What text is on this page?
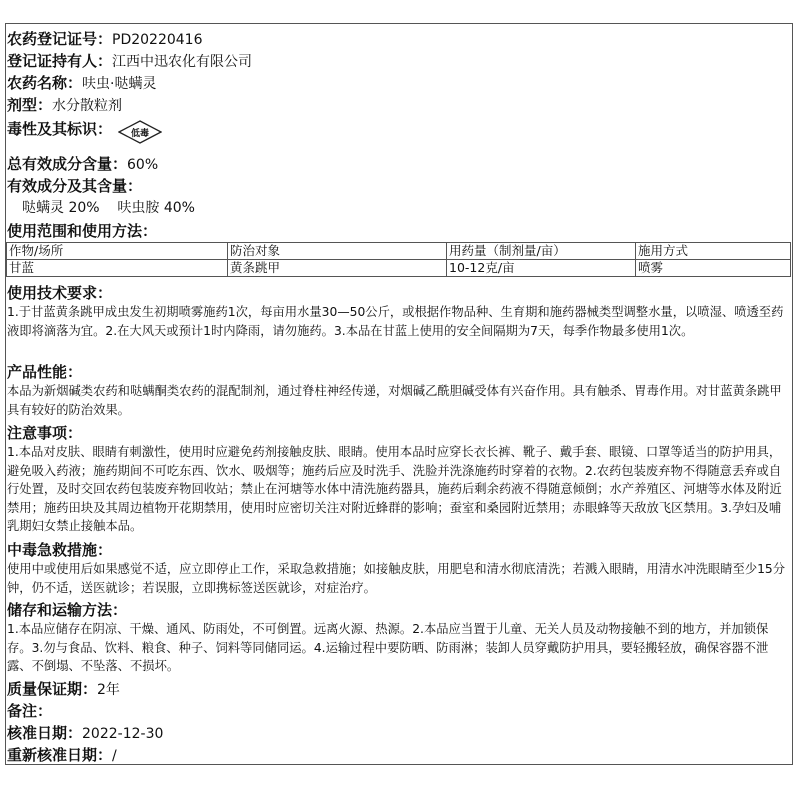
农药登记证号：PD20220416
登记证持有人：江西中迅农化有限公司
农药名称：呋虫·哒螨灵
剂型：水分散粒剂
毒性及其标识： 低毒
总有效成分含量：60%
有效成分及其含量：
哒螨灵 20%    呋虫胺 40%
使用范围和使用方法：
作物/场所	防治对象	用药量（制剂量/亩）	施用方式
甘蓝	黄条跳甲	10-12克/亩	喷雾
使用技术要求：
1.于甘蓝黄条跳甲成虫发生初期喷雾施药1次，每亩用水量30—50公斤，或根据作物品种、生育期和施药器械类型调整水量，以喷湿、喷透至药液即将滴落为宜。2.在大风天或预计1时内降雨，请勿施药。3.本品在甘蓝上使用的安全间隔期为7天，每季作物最多使用1次。
产品性能：
本品为新烟碱类农药和哒螨酮类农药的混配制剂，通过脊柱神经传递，对烟碱乙酰胆碱受体有兴奋作用。具有触杀、胃毒作用。对甘蓝黄条跳甲具有较好的防治效果。
注意事项：
1.本品对皮肤、眼睛有刺激性，使用时应避免药剂接触皮肤、眼睛。使用本品时应穿长衣长裤、靴子、戴手套、眼镜、口罩等适当的防护用具，避免吸入药液；施药期间不可吃东西、饮水、吸烟等；施药后应及时洗手、洗脸并洗涤施药时穿着的衣物。2.农药包装废弃物不得随意丢弃或自行处置，及时交回农药包装废弃物回收站；禁止在河塘等水体中清洗施药器具，施药后剩余药液不得随意倾倒；水产养殖区、河塘等水体及附近禁用；施药田块及其周边植物开花期禁用，使用时应密切关注对附近蜂群的影响；蚕室和桑园附近禁用；赤眼蜂等天敌放飞区禁用。3.孕妇及哺乳期妇女禁止接触本品。
中毒急救措施：
使用中或使用后如果感觉不适，应立即停止工作，采取急救措施；如接触皮肤，用肥皂和清水彻底清洗；若溅入眼睛，用清水冲洗眼睛至少15分钟，仍不适，送医就诊；若误服，立即携标签送医就诊，对症治疗。
储存和运输方法：
1.本品应储存在阴凉、干燥、通风、防雨处，不可倒置。远离火源、热源。2.本品应当置于儿童、无关人员及动物接触不到的地方，并加锁保存。3.勿与食品、饮料、粮食、种子、饲料等同储同运。4.运输过程中要防晒、防雨淋；装卸人员穿戴防护用具，要轻搬轻放，确保容器不泄露、不倒塌、不坠落、不损坏。
质量保证期：2年
备注：
核准日期：2022-12-30
重新核准日期：/
